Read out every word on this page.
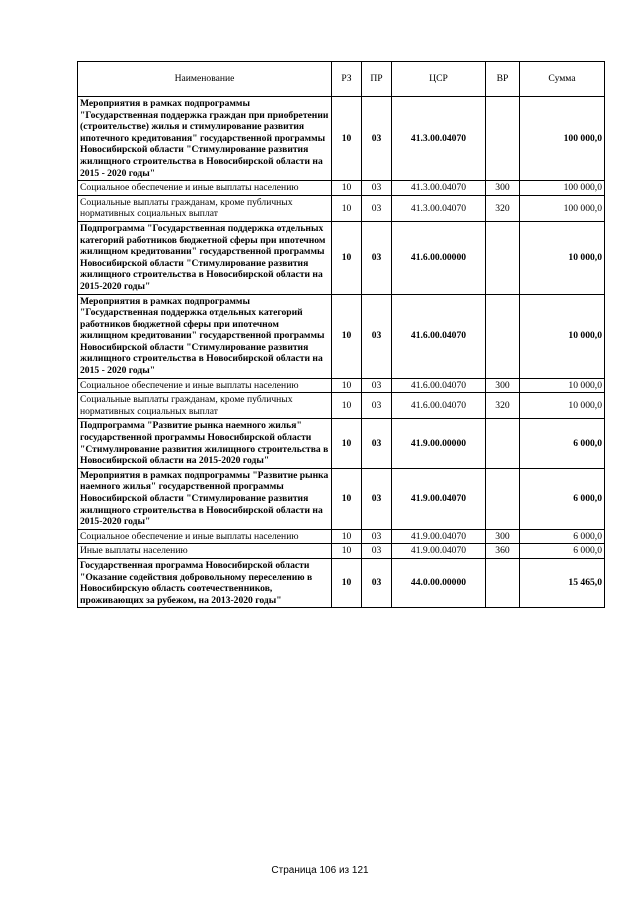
Наименование	РЗ	ПР	ЦСР	ВР	Сумма
Мероприятия в рамках подпрограммы "Государственная поддержка граждан при приобретении (строительстве) жилья и стимулирование развития ипотечного кредитования" государственной программы Новосибирской области "Стимулирование развития жилищного строительства в Новосибирской области на 2015 - 2020 годы"	10	03	41.3.00.04070		100 000,0
Социальное обеспечение и иные выплаты населению	10	03	41.3.00.04070	300	100 000,0
Социальные выплаты гражданам, кроме публичных нормативных социальных выплат	10	03	41.3.00.04070	320	100 000,0
Подпрограмма "Государственная поддержка отдельных категорий работников бюджетной сферы при ипотечном жилищном кредитовании" государственной программы Новосибирской области "Стимулирование развития жилищного строительства в Новосибирской области на 2015-2020 годы"	10	03	41.6.00.00000		10 000,0
Мероприятия в рамках подпрограммы "Государственная поддержка отдельных категорий работников бюджетной сферы при ипотечном жилищном кредитовании" государственной программы Новосибирской области "Стимулирование развития жилищного строительства в Новосибирской области на 2015 - 2020 годы"	10	03	41.6.00.04070		10 000,0
Социальное обеспечение и иные выплаты населению	10	03	41.6.00.04070	300	10 000,0
Социальные выплаты гражданам, кроме публичных нормативных социальных выплат	10	03	41.6.00.04070	320	10 000,0
Подпрограмма "Развитие рынка наемного жилья" государственной программы Новосибирской области "Стимулирование развития жилищного строительства в Новосибирской области на 2015-2020 годы"	10	03	41.9.00.00000		6 000,0
Мероприятия в рамках подпрограммы "Развитие рынка наемного жилья" государственной программы Новосибирской области "Стимулирование развития жилищного строительства в Новосибирской области на 2015-2020 годы"	10	03	41.9.00.04070		6 000,0
Социальное обеспечение и иные выплаты населению	10	03	41.9.00.04070	300	6 000,0
Иные выплаты населению	10	03	41.9.00.04070	360	6 000,0
Государственная программа Новосибирской области "Оказание содействия добровольному переселению в Новосибирскую область соотечественников, проживающих за рубежом, на 2013-2020 годы"	10	03	44.0.00.00000		15 465,0
Страница 106 из 121
